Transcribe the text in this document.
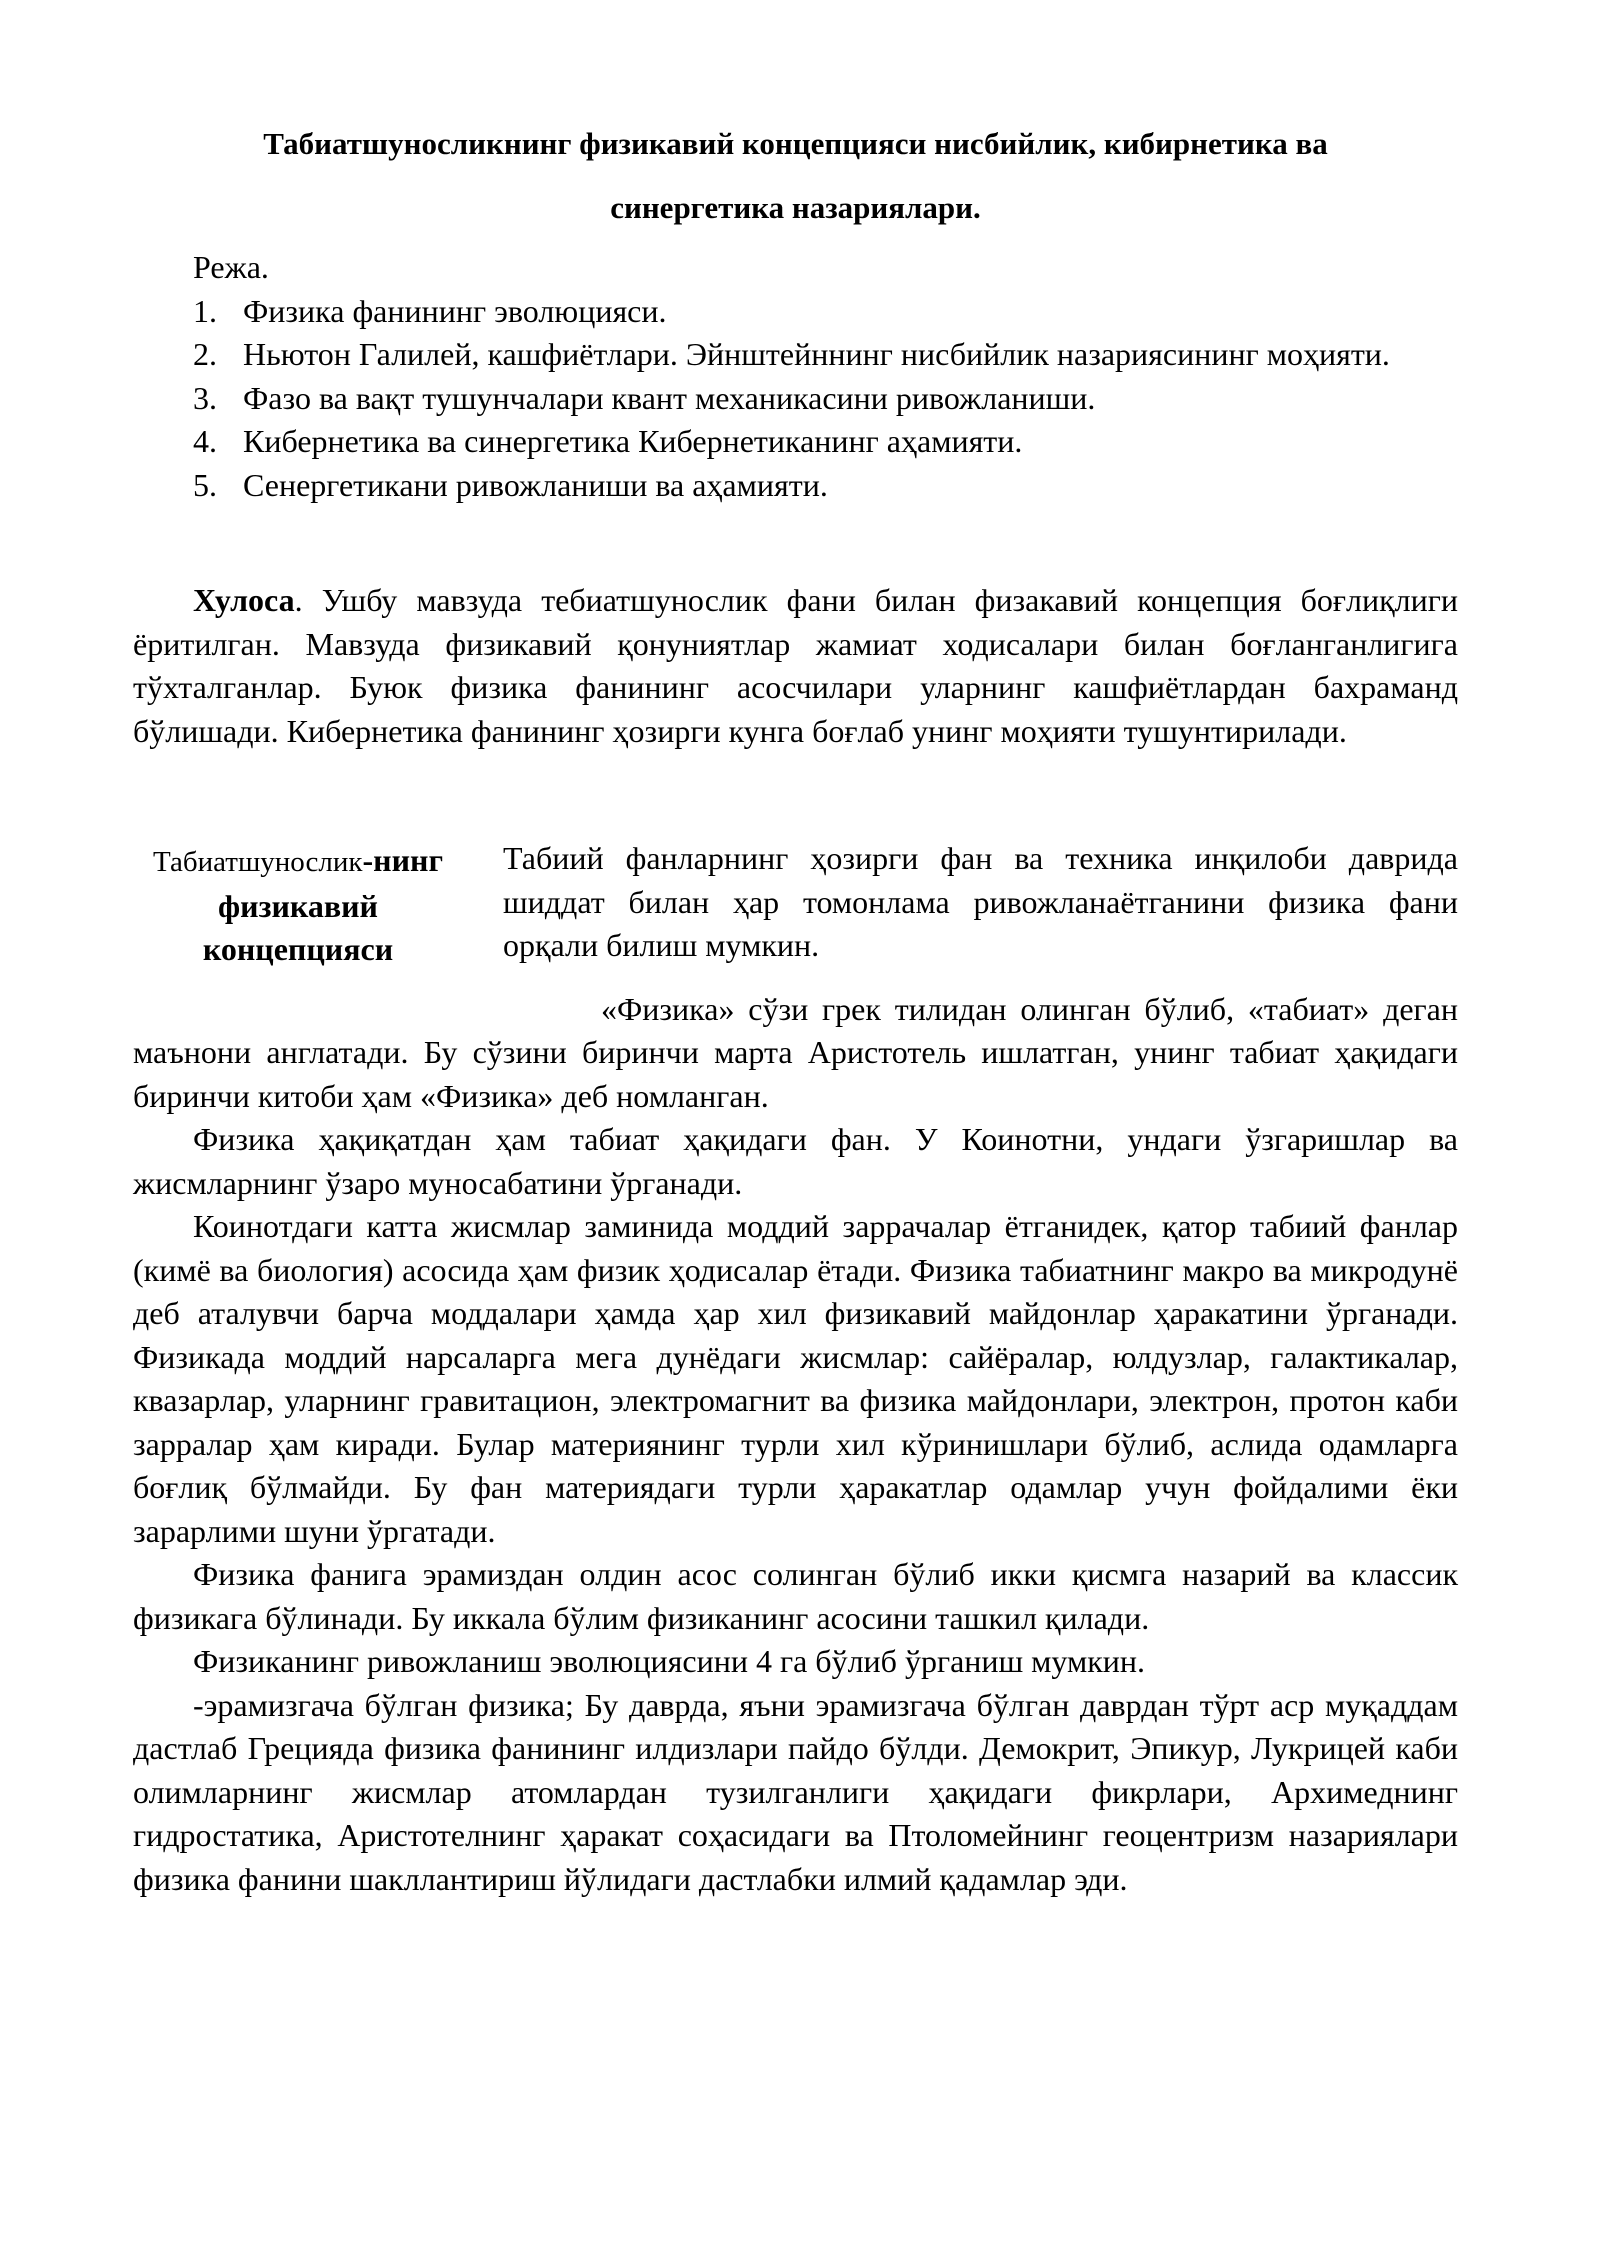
Табиатшуносликнинг физикавий концепцияси нисбийлик, кибирнетика ва
синергетика назариялари.
Режа.
1. Физика фанининг эволюцияси.
2. Ньютон Галилей, кашфиётлари. Эйнштейннинг нисбийлик назариясининг моҳияти.
3. Фазо ва вақт тушунчалари квант механикасини ривожланиши.
4. Кибернетика ва синергетика Кибернетиканинг аҳамияти.
5. Сенергетикани ривожланиши ва аҳамияти.
Хулоса. Ушбу мавзуда тебиатшунослик фани билан физакавий концепция боғлиқлиги ёритилган. Мавзуда физикавий қонуниятлар жамиат ходисалари билан боғланганлигига тўхталганлар. Буюк физика фанининг асосчилари уларнинг кашфиётлардан бахраманд бўлишади. Кибернетика фанининг ҳозирги кунга боғлаб унинг моҳияти тушунтирилади.
Табиатшунослик-нинг
физикавий
концепцияси
Табиий фанларнинг ҳозирги фан ва техника инқилоби даврида шиддат билан ҳар томонлама ривожланаётганини физика фани орқали билиш мумкин.

«Физика» сўзи грек тилидан олинган бўлиб, «табиат» деган маънони англатади. Бу сўзини биринчи марта Аристотель ишлатган, унинг табиат ҳақидаги биринчи китоби ҳам «Физика» деб номланган.

Физика ҳақиқатдан ҳам табиат ҳақидаги фан. У Коинотни, ундаги ўзгаришлар ва жисмларнинг ўзаро муносабатини ўрганади.

Коинотдаги катта жисмлар заминида моддий заррачалар ётганидек, қатор табиий фанлар (кимё ва биология) асосида ҳам физик ҳодисалар ётади. Физика табиатнинг макро ва микродунё деб аталувчи барча моддалари ҳамда ҳар хил физикавий майдонлар ҳаракатини ўрганади. Физикада моддий нарсаларга мега дунёдаги жисмлар: сайёралар, юлдузлар, галактикалар, квазарлар, уларнинг гравитацион, электромагнит ва физика майдонлари, электрон, протон каби зарралар ҳам киради. Булар материянинг турли хил кўринишлари бўлиб, аслида одамларга боғлиқ бўлмайди. Бу фан материядаги турли ҳаракатлар одамлар учун фойдалими ёки зарарлими шуни ўргатади.

Физика фанига эрамиздан олдин асос солинган бўлиб икки қисмга назарий ва классик физикага бўлинади. Бу иккала бўлим физиканинг асосини ташкил қилади.

Физиканинг ривожланиш эволюциясини 4 га бўлиб ўрганиш мумкин.

-эрамизгача бўлган физика; Бу даврда, яъни эрамизгача бўлган даврдан тўрт аср муқаддам дастлаб Грецияда физика фанининг илдизлари пайдо бўлди. Демокрит, Эпикур, Лукрицей каби олимларнинг жисмлар атомлардан тузилганлиги ҳақидаги фикрлари, Архимеднинг гидростатика, Аристотелнинг ҳаракат соҳасидаги ва Птоломейнинг геоцентризм назариялари физика фанини шакллантириш йўлидаги дастлабки илмий қадамлар эди.
